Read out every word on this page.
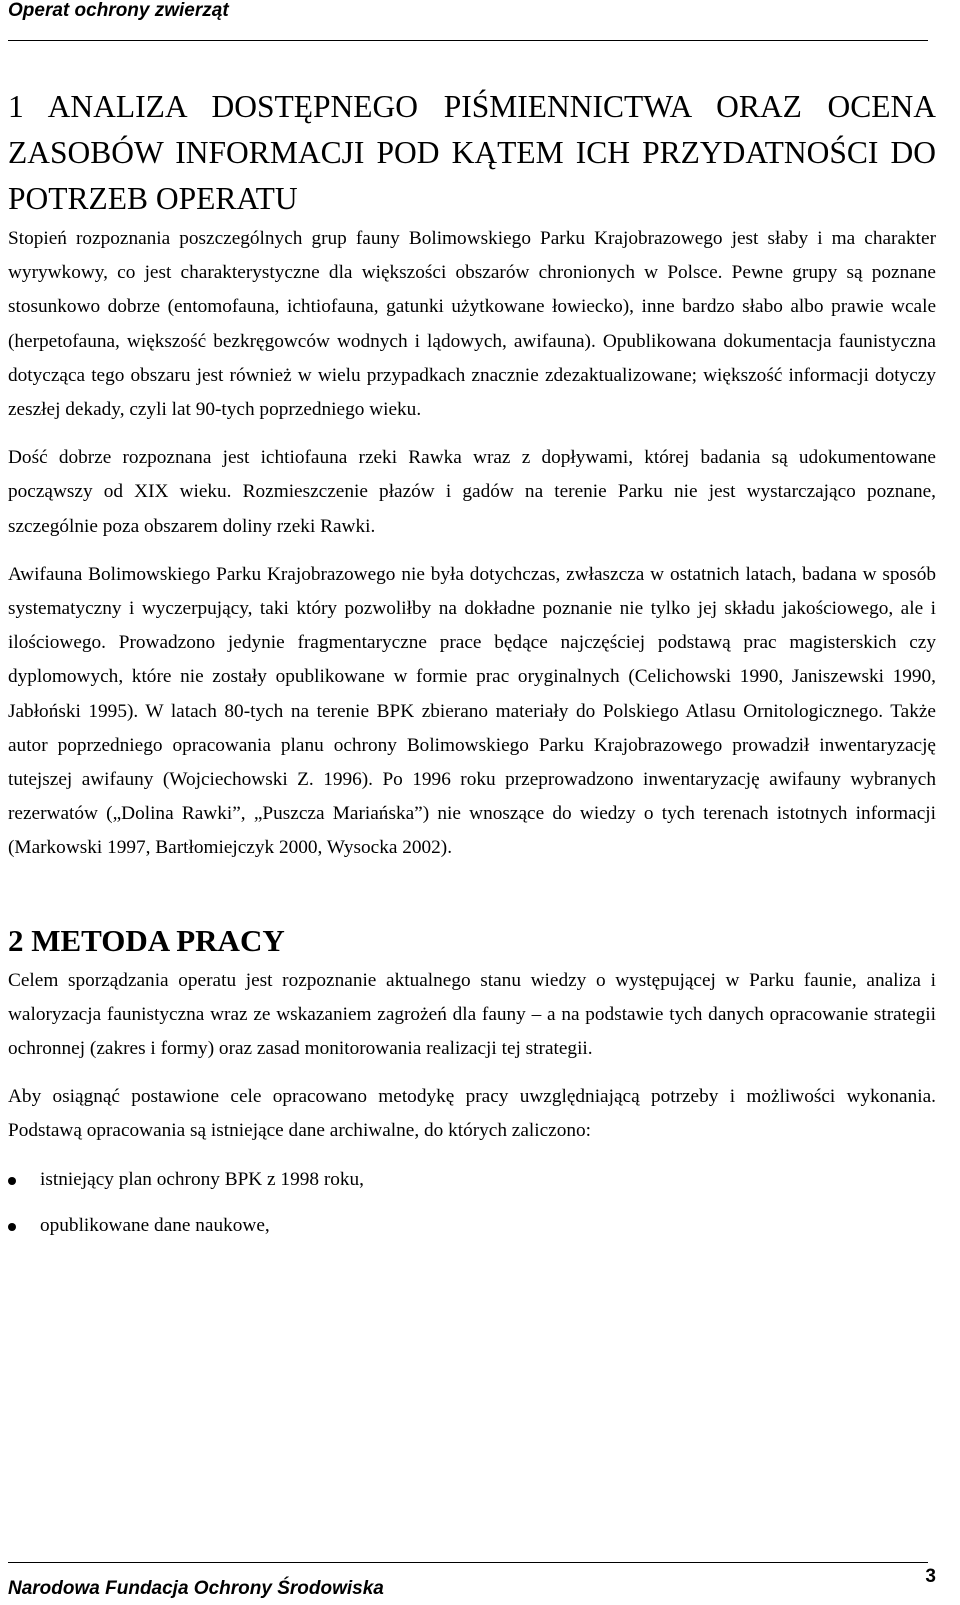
Operat ochrony zwierząt
1 ANALIZA DOSTĘPNEGO PIŚMIENNICTWA ORAZ OCENA ZASOBÓW INFORMACJI POD KĄTEM ICH PRZYDATNOŚCI DO POTRZEB OPERATU

Stopień rozpoznania poszczególnych grup fauny Bolimowskiego Parku Krajobrazowego jest słaby i ma charakter wyrywkowy, co jest charakterystyczne dla większości obszarów chronionych w Polsce. Pewne grupy są poznane stosunkowo dobrze (entomofauna, ichtiofauna, gatunki użytkowane łowiecko), inne bardzo słabo albo prawie wcale (herpetofauna, większość bezkręgowców wodnych i lądowych, awifauna). Opublikowana dokumentacja faunistyczna dotycząca tego obszaru jest również w wielu przypadkach znacznie zdezaktualizowane; większość informacji dotyczy zeszłej dekady, czyli lat 90-tych poprzedniego wieku.

Dość dobrze rozpoznana jest ichtiofauna rzeki Rawka wraz z dopływami, której badania są udokumentowane począwszy od XIX wieku. Rozmieszczenie płazów i gadów na terenie Parku nie jest wystarczająco poznane, szczególnie poza obszarem doliny rzeki Rawki.

Awifauna Bolimowskiego Parku Krajobrazowego nie była dotychczas, zwłaszcza w ostatnich latach, badana w sposób systematyczny i wyczerpujący, taki który pozwoliłby na dokładne poznanie nie tylko jej składu jakościowego, ale i ilościowego. Prowadzono jedynie fragmentaryczne prace będące najczęściej podstawą prac magisterskich czy dyplomowych, które nie zostały opublikowane w formie prac oryginalnych (Celichowski 1990, Janiszewski 1990, Jabłoński 1995). W latach 80-tych na terenie BPK zbierano materiały do Polskiego Atlasu Ornitologicznego. Także autor poprzedniego opracowania planu ochrony Bolimowskiego Parku Krajobrazowego prowadził inwentaryzację tutejszej awifauny (Wojciechowski Z. 1996). Po 1996 roku przeprowadzono inwentaryzację awifauny wybranych rezerwatów („Dolina Rawki”, „Puszcza Mariańska”) nie wnoszące do wiedzy o tych terenach istotnych informacji (Markowski 1997, Bartłomiejczyk 2000, Wysocka 2002).

2 METODA PRACY

Celem sporządzania operatu jest rozpoznanie aktualnego stanu wiedzy o występującej w Parku faunie, analiza i waloryzacja faunistyczna wraz ze wskazaniem zagrożeń dla fauny – a na podstawie tych danych opracowanie strategii ochronnej (zakres i formy) oraz zasad monitorowania realizacji tej strategii.

Aby osiągnąć postawione cele opracowano metodykę pracy uwzględniającą potrzeby i możliwości wykonania. Podstawą opracowania są istniejące dane archiwalne, do których zaliczono:

istniejący plan ochrony BPK z 1998 roku,
opublikowane dane naukowe,
Narodowa Fundacja Ochrony Środowiska
3
